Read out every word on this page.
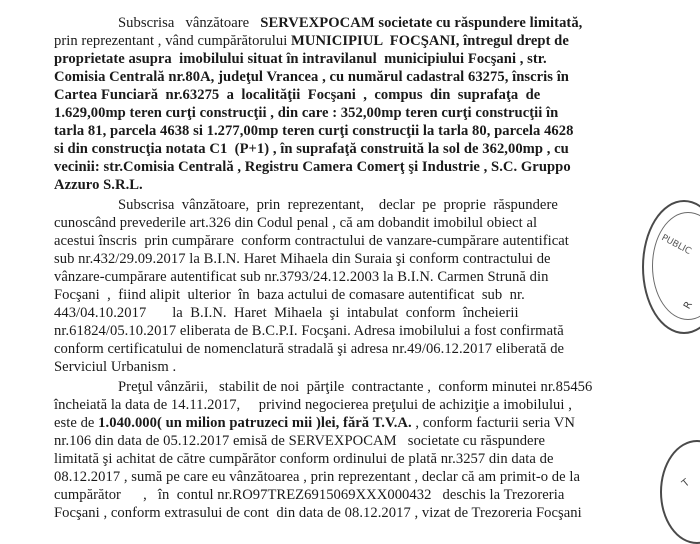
Subscrisa   vânzătoare   SERVEXPOCAM societate cu răspundere limitată,
prin reprezentant , vând cumpărătorului MUNICIPIUL  FOCŞANI, întregul drept de
proprietate asupra  imobilului situat în intravilanul  municipiului Focşani , str.
Comisia Centrală nr.80A, judeţul Vrancea , cu numărul cadastral 63275, înscris în
Cartea Funciară  nr.63275  a  localităţii  Focşani  ,  compus  din  suprafaţa  de
1.629,00mp teren curţi construcţii , din care : 352,00mp teren curţi construcţii în
tarla 81, parcela 4638 si 1.277,00mp teren curţi construcţii la tarla 80, parcela 4628
si din construcţia notata C1  (P+1) , în suprafaţă construită la sol de 362,00mp , cu
vecinii: str.Comisia Centrală , Registru Camera Comerţ şi Industrie , S.C. Gruppo
Azzuro S.R.L.
Subscrisa  vânzătoare,  prin  reprezentant,    declar  pe  proprie  răspundere
cunoscând prevederile art.326 din Codul penal , că am dobandit imobilul obiect al
acestui înscris  prin cumpărare  conform contractului de vanzare-cumpărare autentificat
sub nr.432/29.09.2017 la B.I.N. Haret Mihaela din Suraia şi conform contractului de
vânzare-cumpărare autentificat sub nr.3793/24.12.2003 la B.I.N. Carmen Strună din
Focşani  ,  fiind alipit  ulterior  în  baza actului de comasare autentificat  sub  nr.
443/04.10.2017       la  B.I.N.  Haret  Mihaela  şi  intabulat  conform  încheierii
nr.61824/05.10.2017 eliberata de B.C.P.I. Focşani. Adresa imobilului a fost confirmată
conform certificatului de nomenclatură stradală şi adresa nr.49/06.12.2017 eliberată de
Serviciul Urbanism .
Preţul vânzării,   stabilit de noi  părţile  contractante ,  conform minutei nr.85456
încheiată la data de 14.11.2017,     privind negocierea preţului de achiziţie a imobilului ,
este de 1.040.000( un milion patruzeci mii )lei, fără T.V.A. , conform facturii seria VN
nr.106 din data de 05.12.2017 emisă de SERVEXPOCAM   societate cu răspundere
limitată şi achitat de către cumpărător conform ordinului de plată nr.3257 din data de
08.12.2017 , sumă pe care eu vânzătoarea , prin reprezentant , declar că am primit-o de la
cumpărător      ,   în  contul nr.RO97TREZ6915069XXX000432   deschis la Trezoreria
Focşani , conform extrasului de cont  din data de 08.12.2017 , vizat de Trezoreria Focşani
PUBLIC
R
T
